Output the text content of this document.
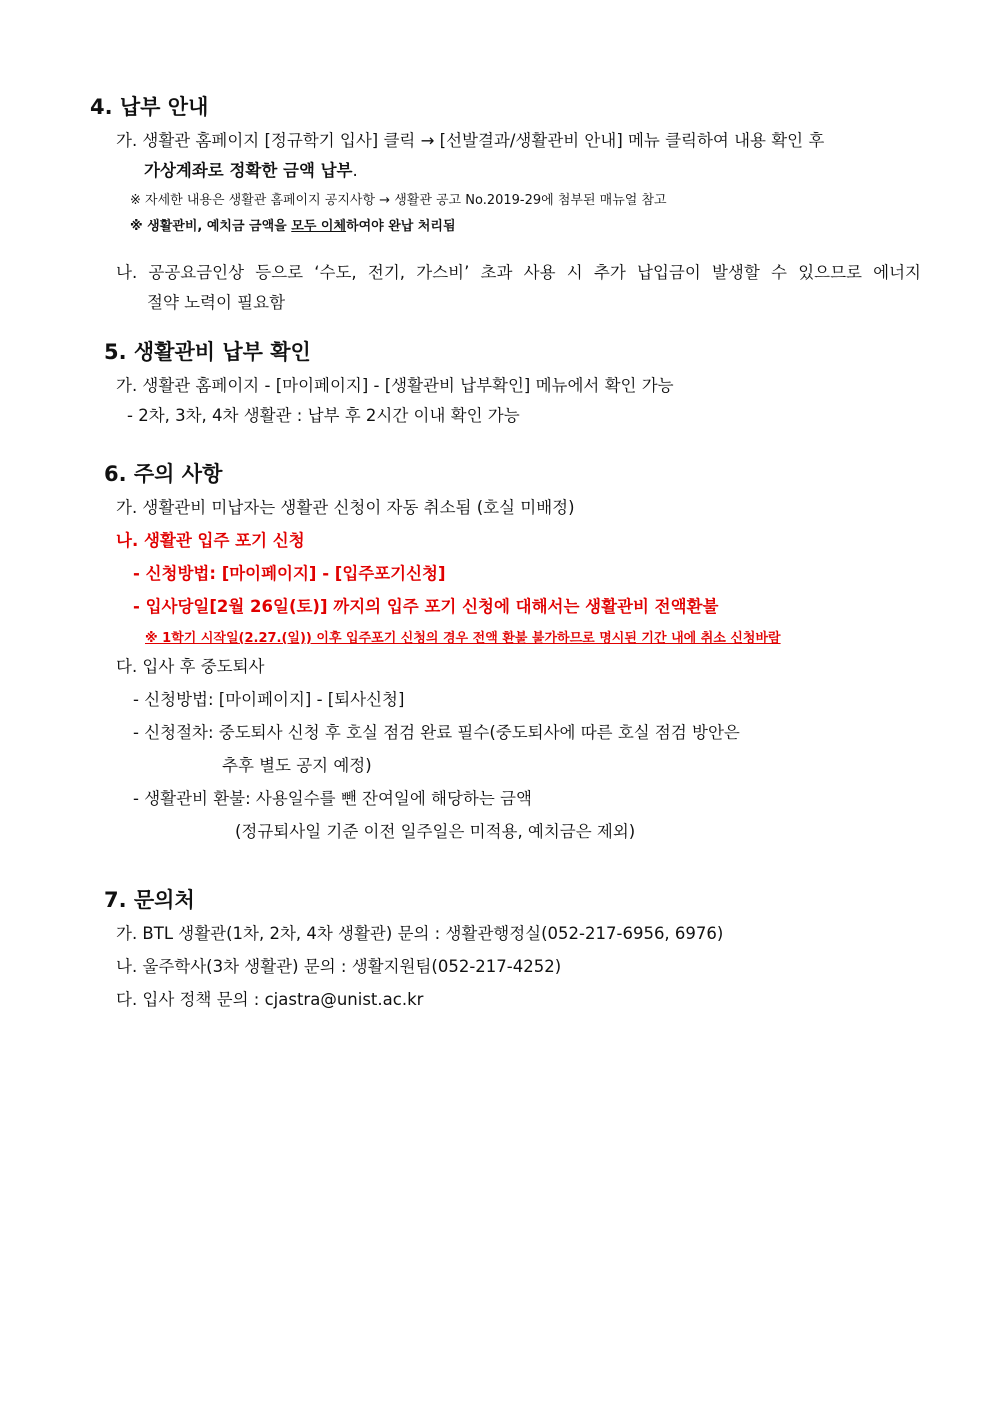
4. 납부 안내
가. 생활관 홈페이지 [정규학기 입사] 클릭 → [선발결과/생활관비 안내] 메뉴 클릭하여 내용 확인 후
가상계좌로 정확한 금액 납부.
※ 자세한 내용은 생활관 홈페이지 공지사항 → 생활관 공고 No.2019-29에 첨부된 매뉴얼 참고
※ 생활관비, 예치금 금액을 모두 이체하여야 완납 처리됨
나. 공공요금인상 등으로 ‘수도, 전기, 가스비’ 초과 사용 시 추가 납입금이 발생할 수 있으므로 에너지
절약 노력이 필요함
5. 생활관비 납부 확인
가. 생활관 홈페이지 - [마이페이지] - [생활관비 납부확인] 메뉴에서 확인 가능
- 2차, 3차, 4차 생활관 : 납부 후 2시간 이내 확인 가능
6. 주의 사항
가. 생활관비 미납자는 생활관 신청이 자동 취소됨 (호실 미배정)
나. 생활관 입주 포기 신청
- 신청방법: [마이페이지] - [입주포기신청]
- 입사당일[2월 26일(토)] 까지의 입주 포기 신청에 대해서는 생활관비 전액환불
※ 1학기 시작일(2.27.(일)) 이후 입주포기 신청의 경우 전액 환불 불가하므로 명시된 기간 내에 취소 신청바람
다. 입사 후 중도퇴사
- 신청방법: [마이페이지] - [퇴사신청]
- 신청절차: 중도퇴사 신청 후 호실 점검 완료 필수(중도퇴사에 따른 호실 점검 방안은
추후 별도 공지 예정)
- 생활관비 환불: 사용일수를 뺀 잔여일에 해당하는 금액
(정규퇴사일 기준 이전 일주일은 미적용, 예치금은 제외)
7. 문의처
가. BTL 생활관(1차, 2차, 4차 생활관) 문의 : 생활관행정실(052-217-6956, 6976)
나. 울주학사(3차 생활관) 문의 : 생활지원팀(052-217-4252)
다. 입사 정책 문의 : cjastra@unist.ac.kr
